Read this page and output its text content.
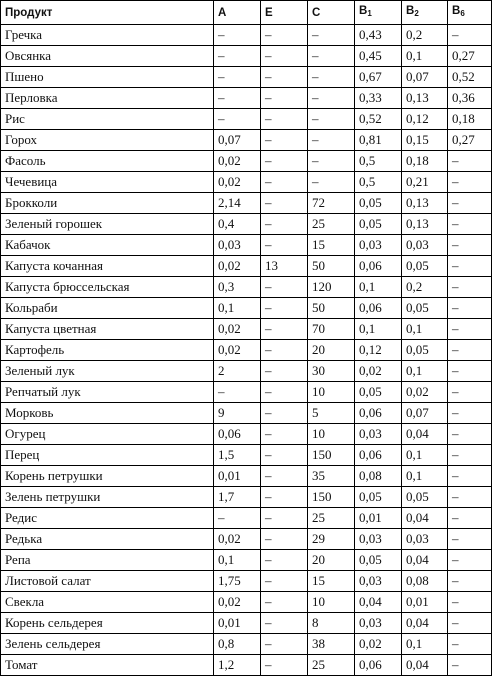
Продукт	А	Е	С	$В_1$	$В_2$	$В_6$
Гречка	–	–	–	0,43	0,2	–
Овсянка	–	–	–	0,45	0,1	0,27
Пшено	–	–	–	0,67	0,07	0,52
Перловка	–	–	–	0,33	0,13	0,36
Рис	–	–	–	0,52	0,12	0,18
Горох	0,07	–	–	0,81	0,15	0,27
Фасоль	0,02	–	–	0,5	0,18	–
Чечевица	0,02	–	–	0,5	0,21	–
Брокколи	2,14	–	72	0,05	0,13	–
Зеленый горошек	0,4	–	25	0,05	0,13	–
Кабачок	0,03	–	15	0,03	0,03	–
Капуста кочанная	0,02	13	50	0,06	0,05	–
Капуста брюссельская	0,3	–	120	0,1	0,2	–
Кольраби	0,1	–	50	0,06	0,05	–
Капуста цветная	0,02	–	70	0,1	0,1	–
Картофель	0,02	–	20	0,12	0,05	–
Зеленый лук	2	–	30	0,02	0,1	–
Репчатый лук	–	–	10	0,05	0,02	–
Морковь	9	–	5	0,06	0,07	–
Огурец	0,06	–	10	0,03	0,04	–
Перец	1,5	–	150	0,06	0,1	–
Корень петрушки	0,01	–	35	0,08	0,1	–
Зелень петрушки	1,7	–	150	0,05	0,05	–
Редис	–	–	25	0,01	0,04	–
Редька	0,02	–	29	0,03	0,03	–
Репа	0,1	–	20	0,05	0,04	–
Листовой салат	1,75	–	15	0,03	0,08	–
Свекла	0,02	–	10	0,04	0,01	–
Корень сельдерея	0,01	–	8	0,03	0,04	–
Зелень сельдерея	0,8	–	38	0,02	0,1	–
Томат	1,2	–	25	0,06	0,04	–
